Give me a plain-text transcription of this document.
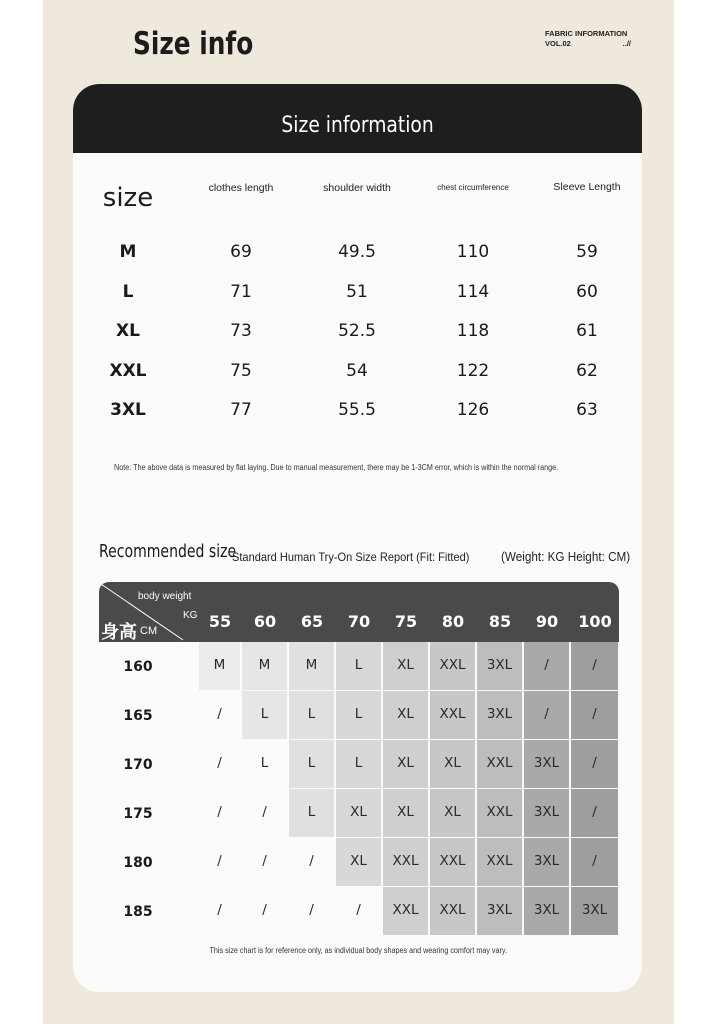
Size info	FABRIC INFORMATION
VOL.02	..//
Size information
size	clothes length	shoulder width	chest circumference	Sleeve Length
M	69	49.5	110	59
L	71	51	114	60
XL	73	52.5	118	61
XXL	75	54	122	62
3XL	77	55.5	126	63
Note: The above data is measured by flat laying. Due to manual measurement, there may be 1-3CM error, which is within the normal range.
Recommended size
Standard Human Try-On Size Report (Fit: Fitted)	(Weight: KG Height: CM)
body weight
KG
身高 CM	55	60	65	70	75	80	85	90	100
160	M	M	M	L	XL	XXL	3XL	/	/
165	/	L	L	L	XL	XXL	3XL	/	/
170	/	L	L	L	XL	XL	XXL	3XL	/
175	/	/	L	XL	XL	XL	XXL	3XL	/
180	/	/	/	XL	XXL	XXL	XXL	3XL	/
185	/	/	/	/	XXL	XXL	3XL	3XL	3XL
This size chart is for reference only, as individual body shapes and wearing comfort may vary.
